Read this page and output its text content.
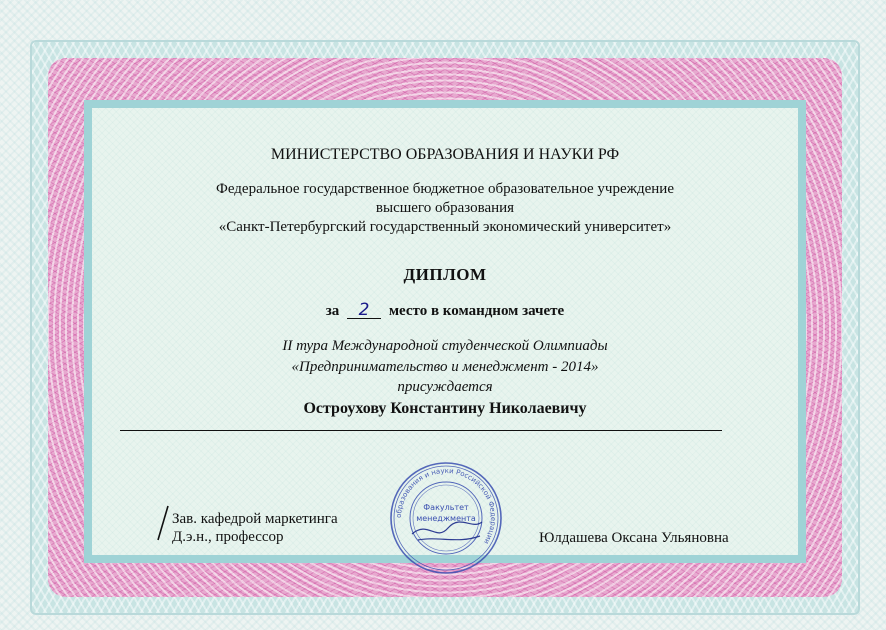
МИНИСТЕРСТВО ОБРАЗОВАНИЯ И НАУКИ РФ
Федеральное государственное бюджетное образовательное учреждение
высшего образования
«Санкт-Петербургский государственный экономический университет»
ДИПЛОМ
за 2 место в командном зачете
II тура Международной студенческой Олимпиады
«Предпринимательство и менеджмент - 2014»
присуждается
Остроухову Константину Николаевичу
Зав. кафедрой маркетинга
Д.э.н., профессор
образования и науки Российской Федерации
Факультет
менеджмента
Юлдашева Оксана Ульяновна
